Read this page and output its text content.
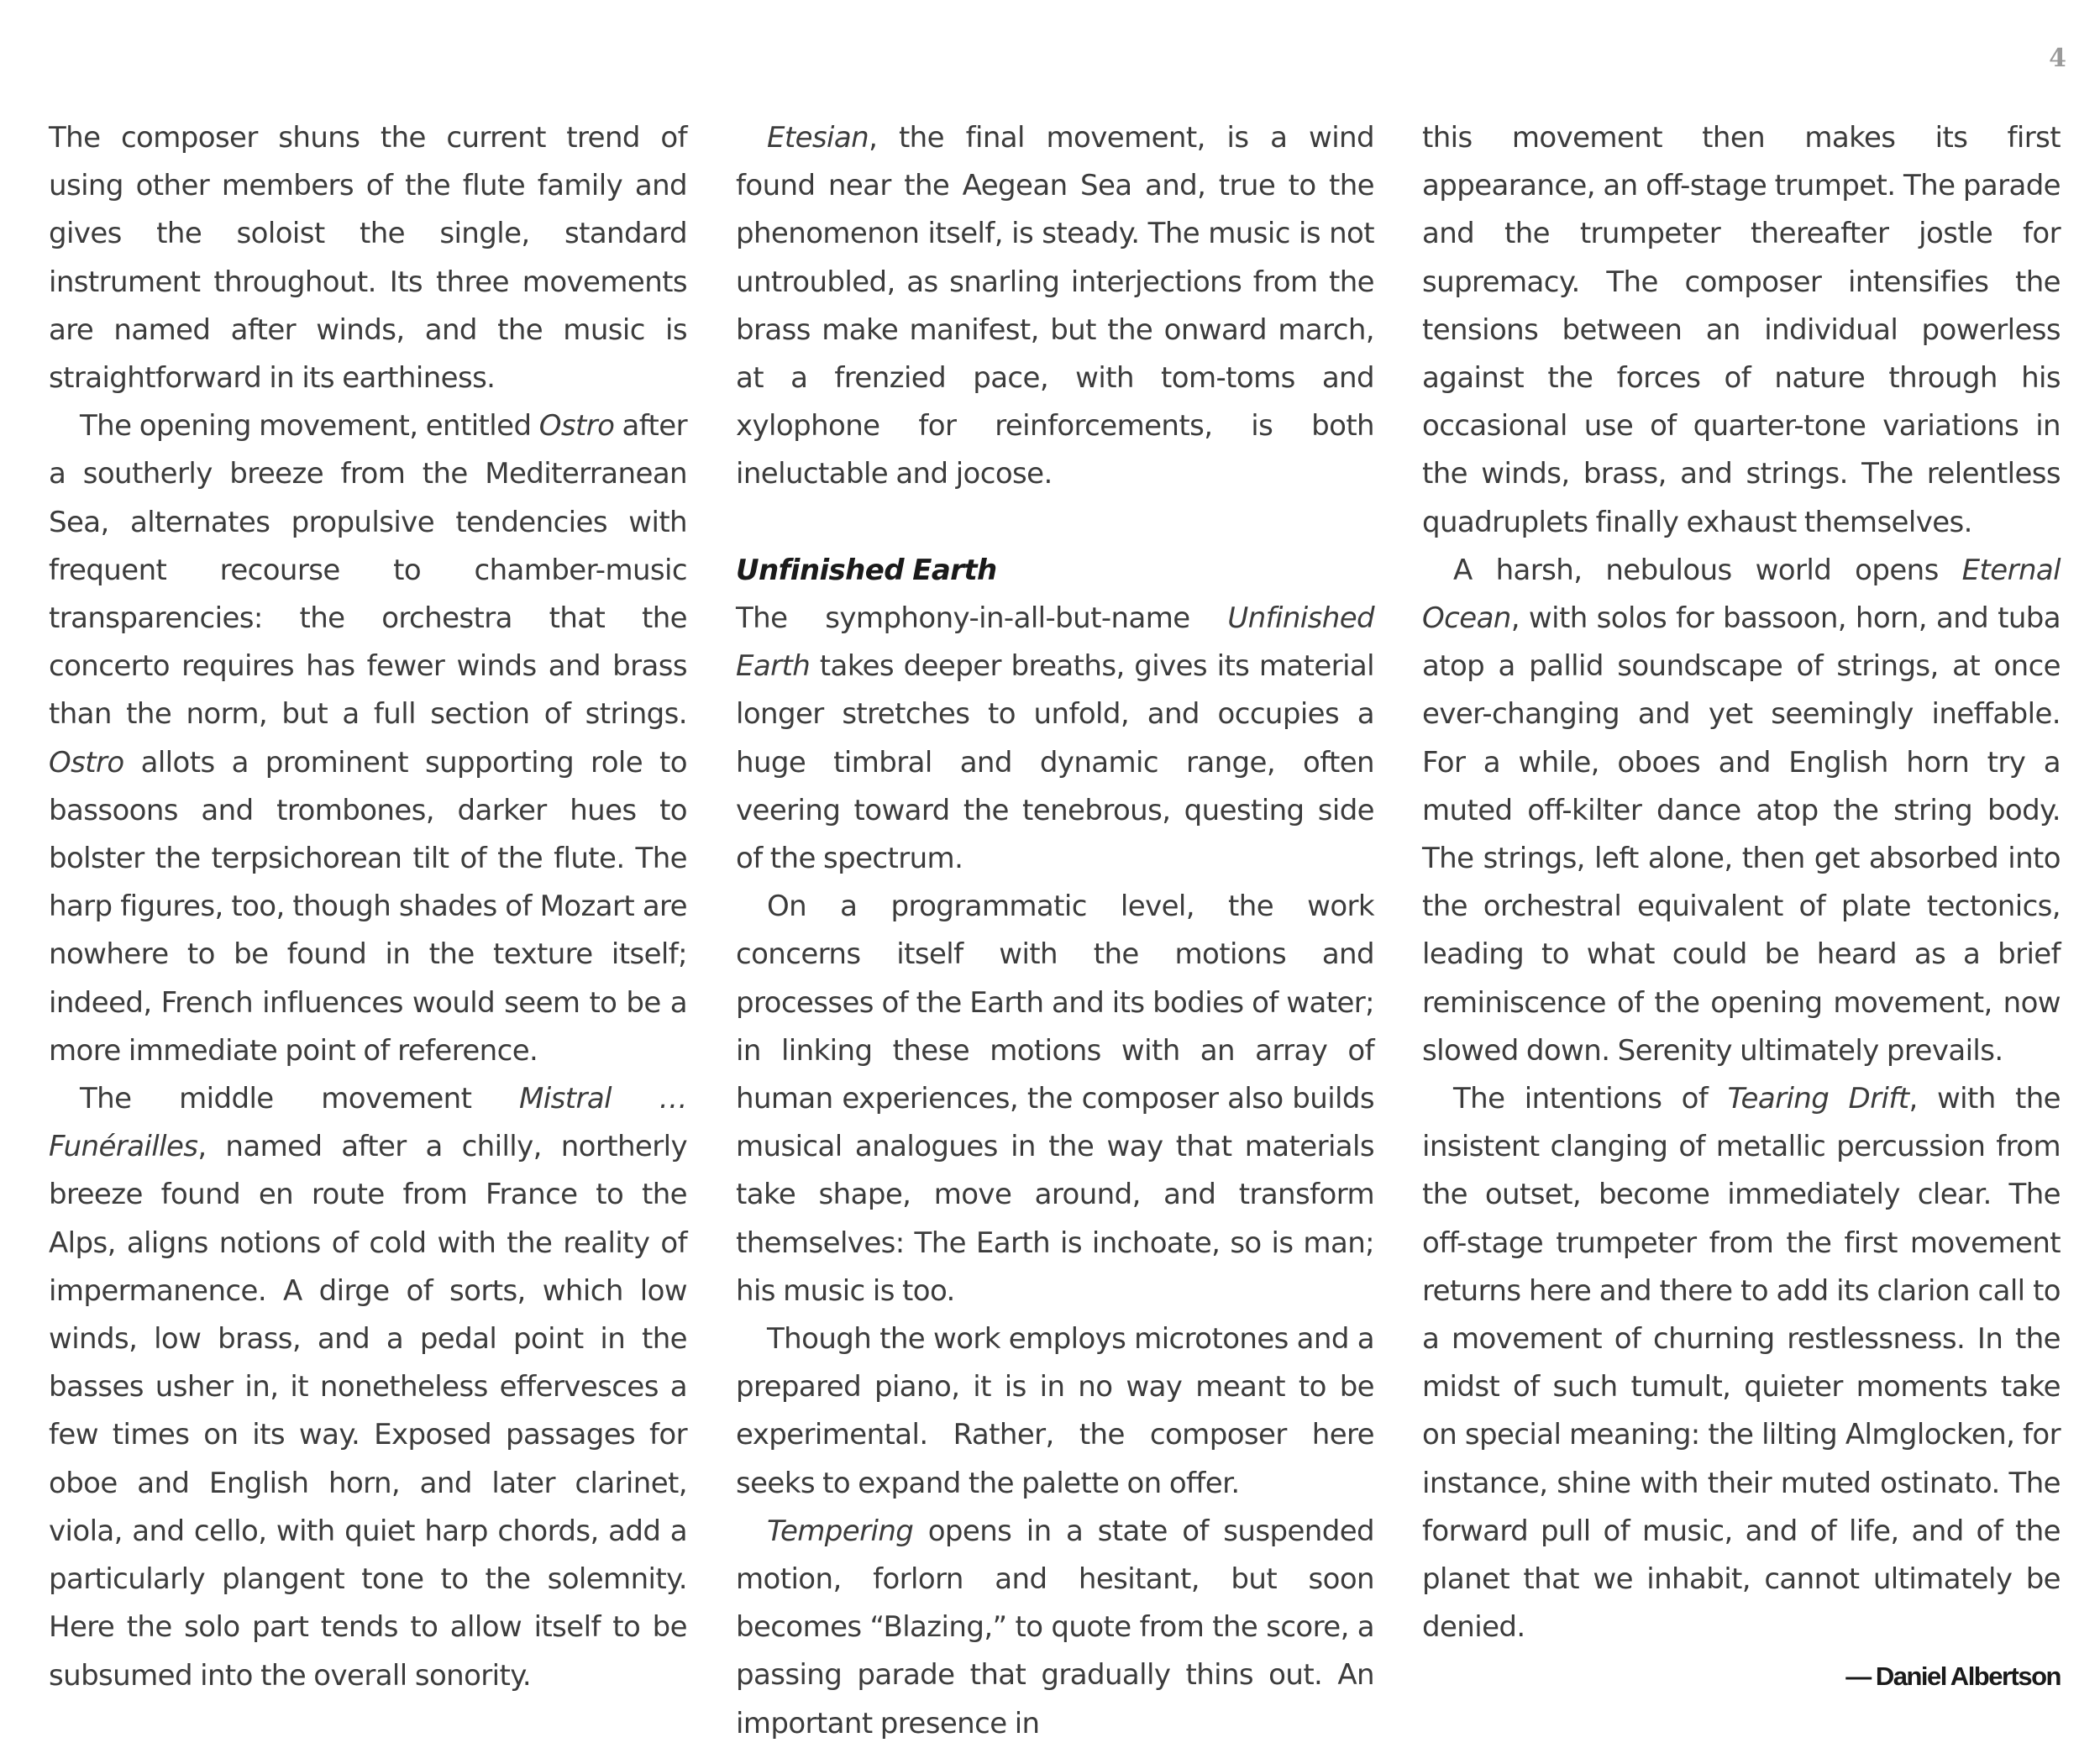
4

The composer shuns the current trend of using other members of the flute family and gives the soloist the single, standard instrument throughout. Its three movements are named after winds, and the music is straightforward in its earthiness.

The opening movement, entitled Ostro after a southerly breeze from the Mediterranean Sea, alternates propulsive tendencies with frequent recourse to chamber-music transparencies: the orchestra that the concerto requires has fewer winds and brass than the norm, but a full section of strings. Ostro allots a prominent supporting role to bassoons and trombones, darker hues to bolster the terpsichorean tilt of the flute. The harp figures, too, though shades of Mozart are nowhere to be found in the texture itself; indeed, French influences would seem to be a more immediate point of reference.

The middle movement Mistral … Funérailles, named after a chilly, northerly breeze found en route from France to the Alps, aligns notions of cold with the reality of impermanence. A dirge of sorts, which low winds, low brass, and a pedal point in the basses usher in, it nonetheless effervesces a few times on its way. Exposed passages for oboe and English horn, and later clarinet, viola, and cello, with quiet harp chords, add a particularly plangent tone to the solemnity. Here the solo part tends to allow itself to be subsumed into the overall sonority.

Etesian, the final movement, is a wind found near the Aegean Sea and, true to the phenomenon itself, is steady. The music is not untroubled, as snarling interjections from the brass make manifest, but the onward march, at a frenzied pace, with tom-toms and xylophone for reinforcements, is both ineluctable and jocose.

Unfinished Earth

The symphony-in-all-but-name Unfinished Earth takes deeper breaths, gives its material longer stretches to unfold, and occupies a huge timbral and dynamic range, often veering toward the tenebrous, questing side of the spectrum.

On a programmatic level, the work concerns itself with the motions and processes of the Earth and its bodies of water; in linking these motions with an array of human experiences, the composer also builds musical analogues in the way that materials take shape, move around, and transform themselves: The Earth is inchoate, so is man; his music is too.

Though the work employs microtones and a prepared piano, it is in no way meant to be experimental. Rather, the composer here seeks to expand the palette on offer.

Tempering opens in a state of suspended motion, forlorn and hesitant, but soon becomes “Blazing,” to quote from the score, a passing parade that gradually thins out. An important presence in

this movement then makes its first appearance, an off-stage trumpet. The parade and the trumpeter thereafter jostle for supremacy. The composer intensifies the tensions between an individual powerless against the forces of nature through his occasional use of quarter-tone variations in the winds, brass, and strings. The relentless quadruplets finally exhaust themselves.

A harsh, nebulous world opens Eternal Ocean, with solos for bassoon, horn, and tuba atop a pallid soundscape of strings, at once ever-changing and yet seemingly ineffable. For a while, oboes and English horn try a muted off-kilter dance atop the string body. The strings, left alone, then get absorbed into the orchestral equivalent of plate tectonics, leading to what could be heard as a brief reminiscence of the opening movement, now slowed down. Serenity ultimately prevails.

The intentions of Tearing Drift, with the insistent clanging of metallic percussion from the outset, become immediately clear. The off-stage trumpeter from the first movement returns here and there to add its clarion call to a movement of churning restlessness. In the midst of such tumult, quieter moments take on special meaning: the lilting Almglocken, for instance, shine with their muted ostinato. The forward pull of music, and of life, and of the planet that we inhabit, cannot ultimately be denied.

— Daniel Albertson
